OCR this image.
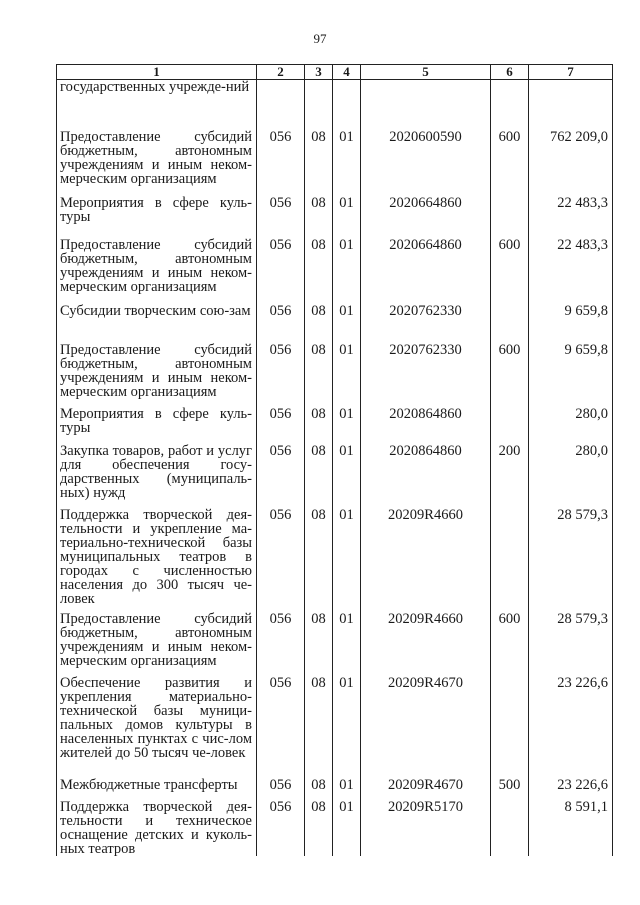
97
1	2	3	4	5	6	7
государственных учрежде-ний						
Предоставление субсидий бюджетным, автономным учреждениям и иным неком-мерческим организациям	056	08	01	2020600590	600	762 209,0
Мероприятия в сфере куль-туры	056	08	01	2020664860		22 483,3
Предоставление субсидий бюджетным, автономным учреждениям и иным неком-мерческим организациям	056	08	01	2020664860	600	22 483,3
Субсидии творческим сою-зам	056	08	01	2020762330		9 659,8
Предоставление субсидий бюджетным, автономным учреждениям и иным неком-мерческим организациям	056	08	01	2020762330	600	9 659,8
Мероприятия в сфере куль-туры	056	08	01	2020864860		280,0
Закупка товаров, работ и услуг для обеспечения госу-дарственных (муниципаль-ных) нужд	056	08	01	2020864860	200	280,0
Поддержка творческой дея-тельности и укрепление ма-териально-технической базы муниципальных театров в городах с численностью населения до 300 тысяч че-ловек	056	08	01	20209R4660		28 579,3
Предоставление субсидий бюджетным, автономным учреждениям и иным неком-мерческим организациям	056	08	01	20209R4660	600	28 579,3
Обеспечение развития и укрепления материально-технической базы муници-пальных домов культуры в населенных пунктах с чис-лом жителей до 50 тысяч че-ловек	056	08	01	20209R4670		23 226,6
Межбюджетные трансферты	056	08	01	20209R4670	500	23 226,6
Поддержка творческой дея-тельности и техническое оснащение детских и куколь-ных театров	056	08	01	20209R5170		8 591,1
